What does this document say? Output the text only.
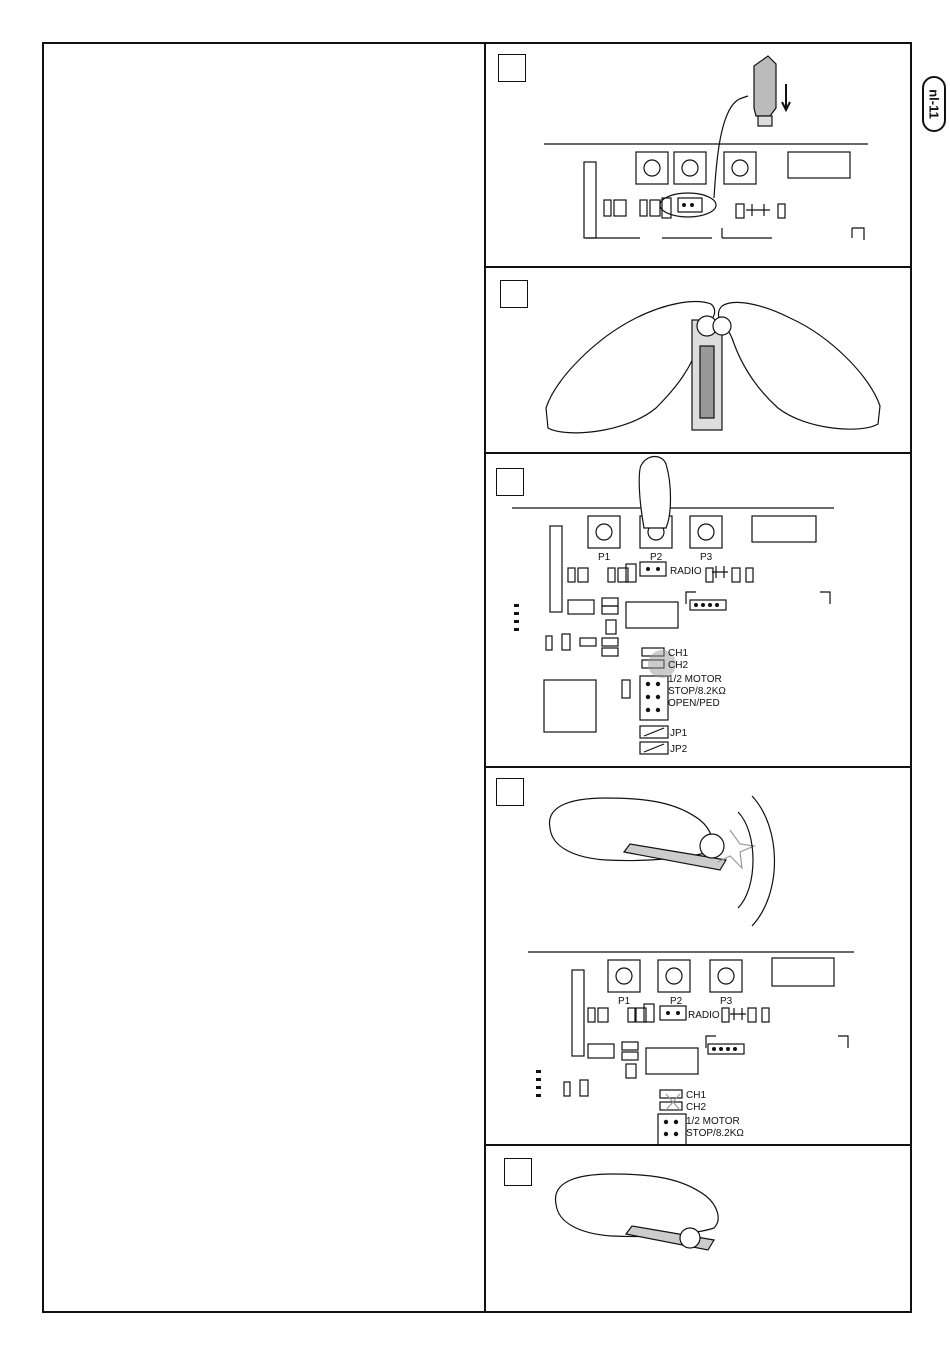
nl-11
P1	P2	P3
RADIO
CH1
CH2
1/2 MOTOR
STOP/8.2KΩ
OPEN/PED
JP1
JP2
P1	P2	P3
RADIO
CH1
CH2
1/2 MOTOR
STOP/8.2KΩ
